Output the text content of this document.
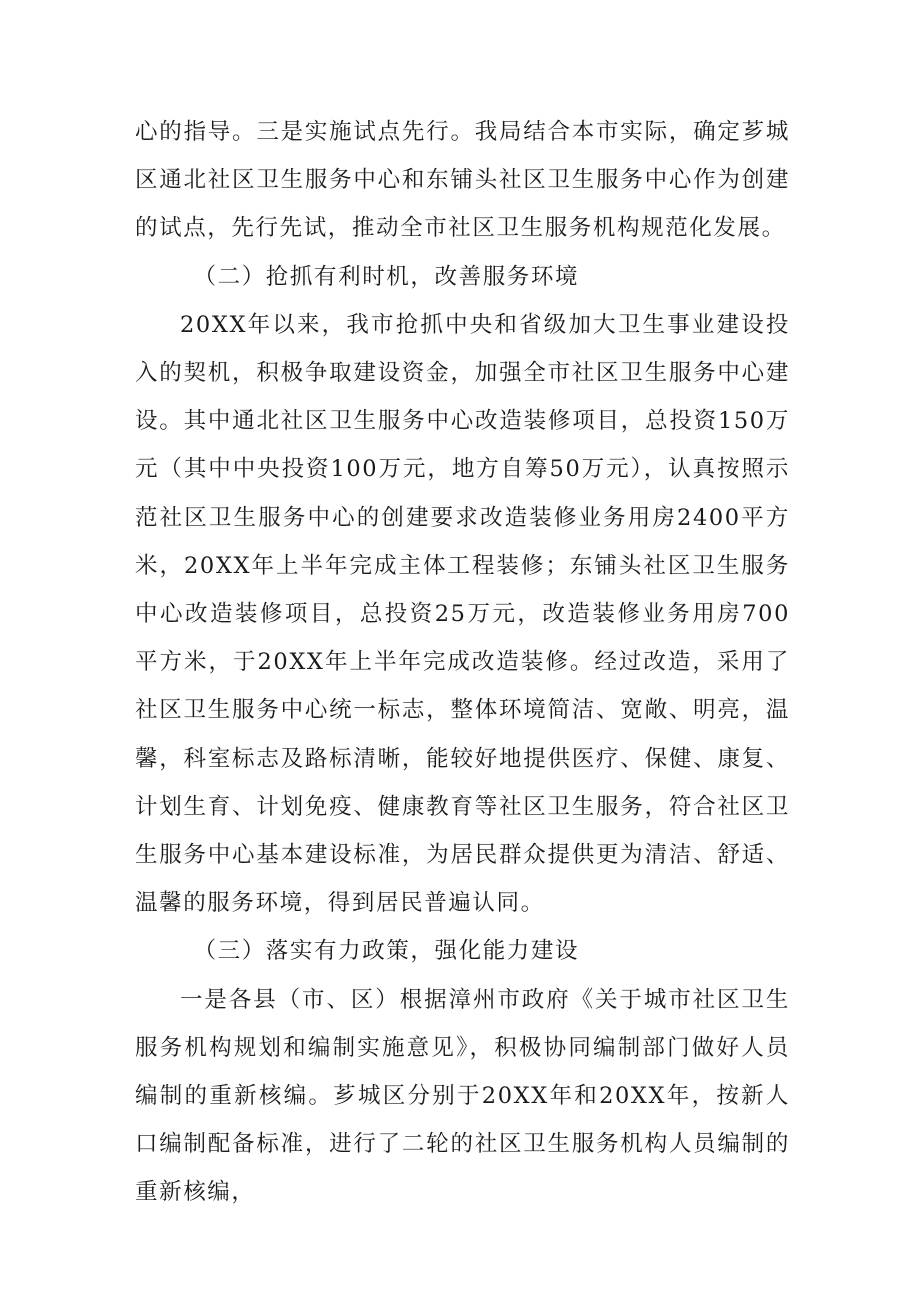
心的指导。三是实施试点先行。我局结合本市实际，确定芗城区通北社区卫生服务中心和东铺头社区卫生服务中心作为创建的试点，先行先试，推动全市社区卫生服务机构规范化发展。

（二）抢抓有利时机，改善服务环境

20XX年以来，我市抢抓中央和省级加大卫生事业建设投入的契机，积极争取建设资金，加强全市社区卫生服务中心建设。其中通北社区卫生服务中心改造装修项目，总投资150万元（其中中央投资100万元，地方自筹50万元），认真按照示范社区卫生服务中心的创建要求改造装修业务用房2400平方米，20XX年上半年完成主体工程装修；东铺头社区卫生服务中心改造装修项目，总投资25万元，改造装修业务用房700平方米，于20XX年上半年完成改造装修。经过改造，采用了社区卫生服务中心统一标志，整体环境简洁、宽敞、明亮，温馨，科室标志及路标清晰，能较好地提供医疗、保健、康复、计划生育、计划免疫、健康教育等社区卫生服务，符合社区卫生服务中心基本建设标准，为居民群众提供更为清洁、舒适、温馨的服务环境，得到居民普遍认同。

（三）落实有力政策，强化能力建设

一是各县（市、区）根据漳州市政府《关于城市社区卫生服务机构规划和编制实施意见》，积极协同编制部门做好人员编制的重新核编。芗城区分别于20XX年和20XX年，按新人口编制配备标准，进行了二轮的社区卫生服务机构人员编制的重新核编，
